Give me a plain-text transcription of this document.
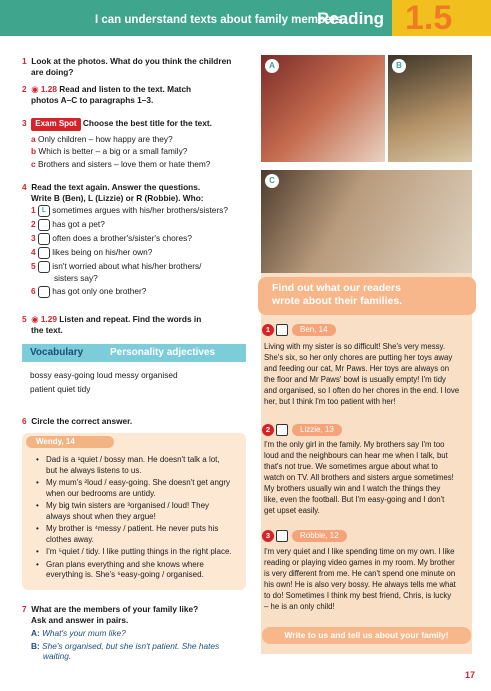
I can understand texts about family members.
Reading 1.5
1 Look at the photos. What do you think the children
are doing?
2 ◉ 1.28 Read and listen to the text. Match
photos A–C to paragraphs 1–3.
3 Exam Spot Choose the best title for the text.
a Only children – how happy are they?
b Which is better – a big or a small family?
c Brothers and sisters – love them or hate them?
4 Read the text again. Answer the questions.
Write B (Ben), L (Lizzie) or R (Robbie). Who:
1 L sometimes argues with his/her brothers/sisters?
2 has got a pet?
3 often does a brother's/sister's chores?
4 likes being on his/her own?
5 isn't worried about what his/her brothers/
sisters say?
6 has got only one brother?
5 ◉ 1.29 Listen and repeat. Find the words in
the text.
Vocabulary	Personality adjectives
bossy easy-going loud messy organised
patient quiet tidy
6 Circle the correct answer.
Wendy, 14
• Dad is a ¹quiet / bossy man. He doesn't talk a lot,
but he always listens to us.
• My mum's ²loud / easy-going. She doesn't get angry
when our bedrooms are untidy.
• My big twin sisters are ³organised / loud! They
always shout when they argue!
• My brother is ⁴messy / patient. He never puts his
clothes away.
• I'm ⁵quiet / tidy. I like putting things in the right place.
• Gran plans everything and she knows where
everything is. She's ⁶easy-going / organised.
7 What are the members of your family like?
Ask and answer in pairs.
A: What's your mum like?
B: She's organised, but she isn't patient. She hates
waiting.
A	B
C
Find out what our readers
wrote about their families.
1	Ben, 14
Living with my sister is so difficult! She's very messy.
She's six, so her only chores are putting her toys away
and feeding our cat, Mr Paws. Her toys are always on
the floor and Mr Paws' bowl is usually empty! I'm tidy
and organised, so I often do her chores in the end. I love
her, but I think I'm too patient with her!
2	Lizzie, 13
I'm the only girl in the family. My brothers say I'm too
loud and the neighbours can hear me when I talk, but
that's not true. We sometimes argue about what to
watch on TV. All brothers and sisters argue sometimes!
My brothers usually win and I watch the things they
like, even the football. But I'm easy-going and I don't
get upset easily.
3	Robbie, 12
I'm very quiet and I like spending time on my own. I like
reading or playing video games in my room. My brother
is very different from me. He can't spend one minute on
his own! He is also very bossy. He always tells me what
to do! Sometimes I think my best friend, Chris, is lucky
– he is an only child!
Write to us and tell us about your family!
17
